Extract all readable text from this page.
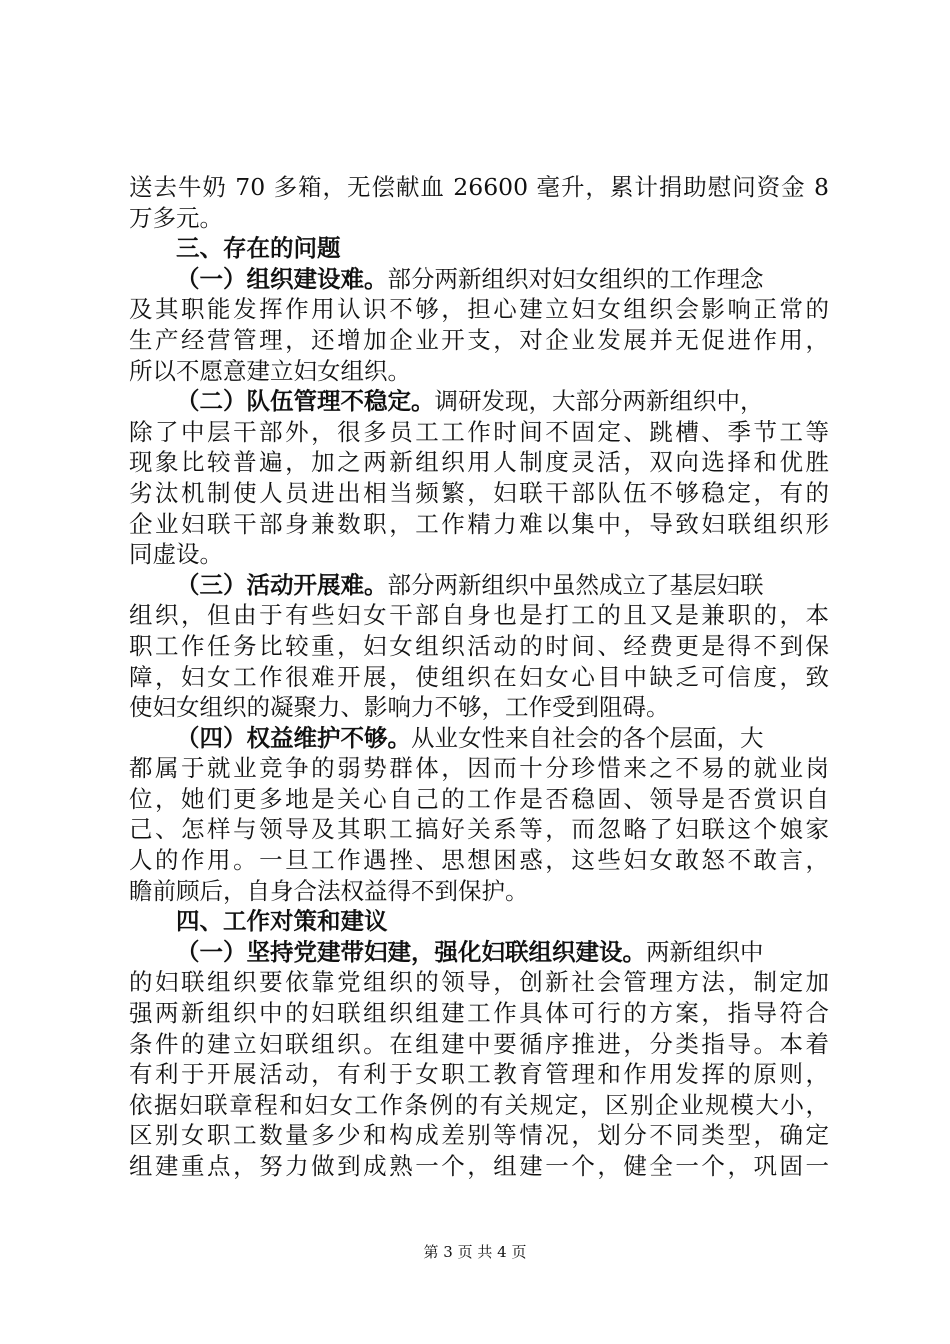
送去牛奶 70 多箱，无偿献血 26600 毫升，累计捐助慰问资金 8
万多元。
三、存在的问题
（一）组织建设难。部分两新组织对妇女组织的工作理念
及其职能发挥作用认识不够，担心建立妇女组织会影响正常的
生产经营管理，还增加企业开支，对企业发展并无促进作用，
所以不愿意建立妇女组织。
（二）队伍管理不稳定。调研发现，大部分两新组织中，
除了中层干部外，很多员工工作时间不固定、跳槽、季节工等
现象比较普遍，加之两新组织用人制度灵活，双向选择和优胜
劣汰机制使人员进出相当频繁，妇联干部队伍不够稳定，有的
企业妇联干部身兼数职，工作精力难以集中，导致妇联组织形
同虚设。
（三）活动开展难。部分两新组织中虽然成立了基层妇联
组织，但由于有些妇女干部自身也是打工的且又是兼职的，本
职工作任务比较重，妇女组织活动的时间、经费更是得不到保
障，妇女工作很难开展，使组织在妇女心目中缺乏可信度，致
使妇女组织的凝聚力、影响力不够，工作受到阻碍。
（四）权益维护不够。从业女性来自社会的各个层面，大
都属于就业竞争的弱势群体，因而十分珍惜来之不易的就业岗
位，她们更多地是关心自己的工作是否稳固、领导是否赏识自
己、怎样与领导及其职工搞好关系等，而忽略了妇联这个娘家
人的作用。一旦工作遇挫、思想困惑，这些妇女敢怒不敢言，
瞻前顾后，自身合法权益得不到保护。
四、工作对策和建议
（一）坚持党建带妇建，强化妇联组织建设。两新组织中
的妇联组织要依靠党组织的领导，创新社会管理方法，制定加
强两新组织中的妇联组织组建工作具体可行的方案，指导符合
条件的建立妇联组织。在组建中要循序推进，分类指导。本着
有利于开展活动，有利于女职工教育管理和作用发挥的原则，
依据妇联章程和妇女工作条例的有关规定，区别企业规模大小，
区别女职工数量多少和构成差别等情况，划分不同类型，确定
组建重点，努力做到成熟一个，组建一个，健全一个，巩固一
第 3 页 共 4 页
